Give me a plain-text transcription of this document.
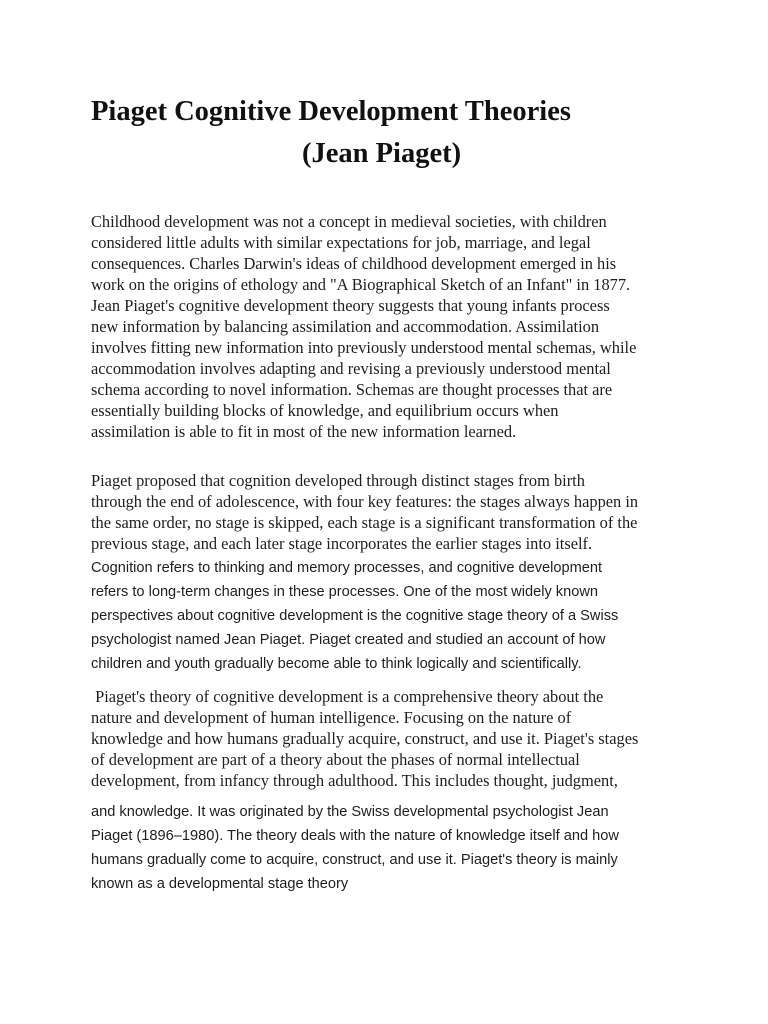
Piaget Cognitive Development Theories
(Jean Piaget)
Childhood development was not a concept in medieval societies, with children
considered little adults with similar expectations for job, marriage, and legal
consequences. Charles Darwin's ideas of childhood development emerged in his
work on the origins of ethology and "A Biographical Sketch of an Infant" in 1877.
Jean Piaget's cognitive development theory suggests that young infants process
new information by balancing assimilation and accommodation. Assimilation
involves fitting new information into previously understood mental schemas, while
accommodation involves adapting and revising a previously understood mental
schema according to novel information. Schemas are thought processes that are
essentially building blocks of knowledge, and equilibrium occurs when
assimilation is able to fit in most of the new information learned.
Piaget proposed that cognition developed through distinct stages from birth
through the end of adolescence, with four key features: the stages always happen in
the same order, no stage is skipped, each stage is a significant transformation of the
previous stage, and each later stage incorporates the earlier stages into itself.
Cognition refers to thinking and memory processes, and cognitive development
refers to long-term changes in these processes. One of the most widely known
perspectives about cognitive development is the cognitive stage theory of a Swiss
psychologist named Jean Piaget. Piaget created and studied an account of how
children and youth gradually become able to think logically and scientifically.
Piaget's theory of cognitive development is a comprehensive theory about the
nature and development of human intelligence. Focusing on the nature of
knowledge and how humans gradually acquire, construct, and use it. Piaget's stages
of development are part of a theory about the phases of normal intellectual
development, from infancy through adulthood. This includes thought, judgment,
and knowledge. It was originated by the Swiss developmental psychologist Jean
Piaget (1896–1980). The theory deals with the nature of knowledge itself and how
humans gradually come to acquire, construct, and use it. Piaget's theory is mainly
known as a developmental stage theory
